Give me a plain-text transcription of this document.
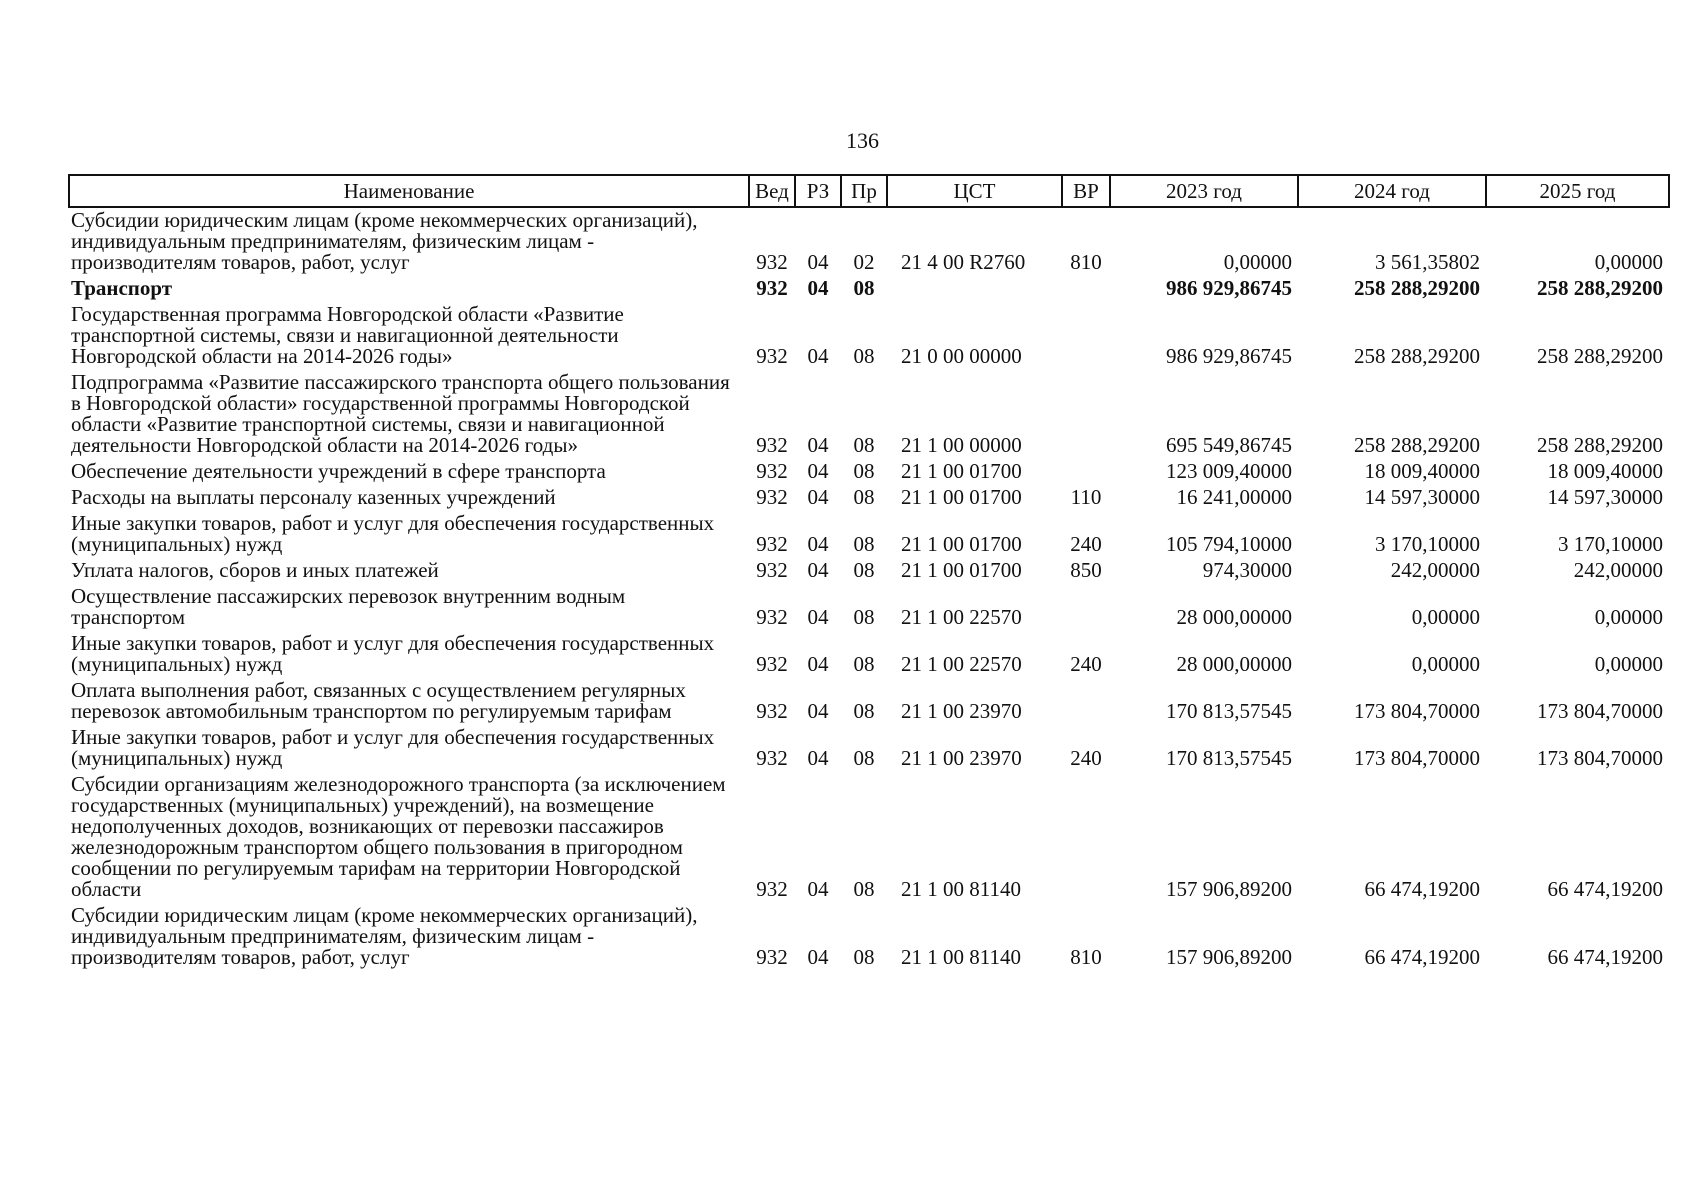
136
Наименование	Вед	РЗ	Пр	ЦСТ	ВР	2023 год	2024 год	2025 год
Субсидии юридическим лицам (кроме некоммерческих организаций), индивидуальным предпринимателям, физическим лицам - производителям товаров, работ, услуг	932	04	02	21 4 00 R2760	810	0,00000	3 561,35802	0,00000
Транспорт	932	04	08			986 929,86745	258 288,29200	258 288,29200
Государственная программа Новгородской области «Развитие транспортной системы, связи и навигационной деятельности Новгородской области на 2014-2026 годы»	932	04	08	21 0 00 00000		986 929,86745	258 288,29200	258 288,29200
Подпрограмма «Развитие пассажирского транспорта общего пользования в Новгородской области» государственной программы Новгородской области «Развитие транспортной системы, связи и навигационной деятельности Новгородской области на 2014-2026 годы»	932	04	08	21 1 00 00000		695 549,86745	258 288,29200	258 288,29200
Обеспечение деятельности учреждений в сфере транспорта	932	04	08	21 1 00 01700		123 009,40000	18 009,40000	18 009,40000
Расходы на выплаты персоналу казенных учреждений	932	04	08	21 1 00 01700	110	16 241,00000	14 597,30000	14 597,30000
Иные закупки товаров, работ и услуг для обеспечения государственных (муниципальных) нужд	932	04	08	21 1 00 01700	240	105 794,10000	3 170,10000	3 170,10000
Уплата налогов, сборов и иных платежей	932	04	08	21 1 00 01700	850	974,30000	242,00000	242,00000
Осуществление пассажирских перевозок внутренним водным транспортом	932	04	08	21 1 00 22570		28 000,00000	0,00000	0,00000
Иные закупки товаров, работ и услуг для обеспечения государственных (муниципальных) нужд	932	04	08	21 1 00 22570	240	28 000,00000	0,00000	0,00000
Оплата выполнения работ, связанных с осуществлением регулярных перевозок автомобильным транспортом по регулируемым тарифам	932	04	08	21 1 00 23970		170 813,57545	173 804,70000	173 804,70000
Иные закупки товаров, работ и услуг для обеспечения государственных (муниципальных) нужд	932	04	08	21 1 00 23970	240	170 813,57545	173 804,70000	173 804,70000
Субсидии организациям железнодорожного транспорта (за исключением государственных (муниципальных) учреждений), на возмещение недополученных доходов, возникающих от перевозки пассажиров железнодорожным транспортом общего пользования в пригородном сообщении по регулируемым тарифам на территории Новгородской области	932	04	08	21 1 00 81140		157 906,89200	66 474,19200	66 474,19200
Субсидии юридическим лицам (кроме некоммерческих организаций), индивидуальным предпринимателям, физическим лицам - производителям товаров, работ, услуг	932	04	08	21 1 00 81140	810	157 906,89200	66 474,19200	66 474,19200
